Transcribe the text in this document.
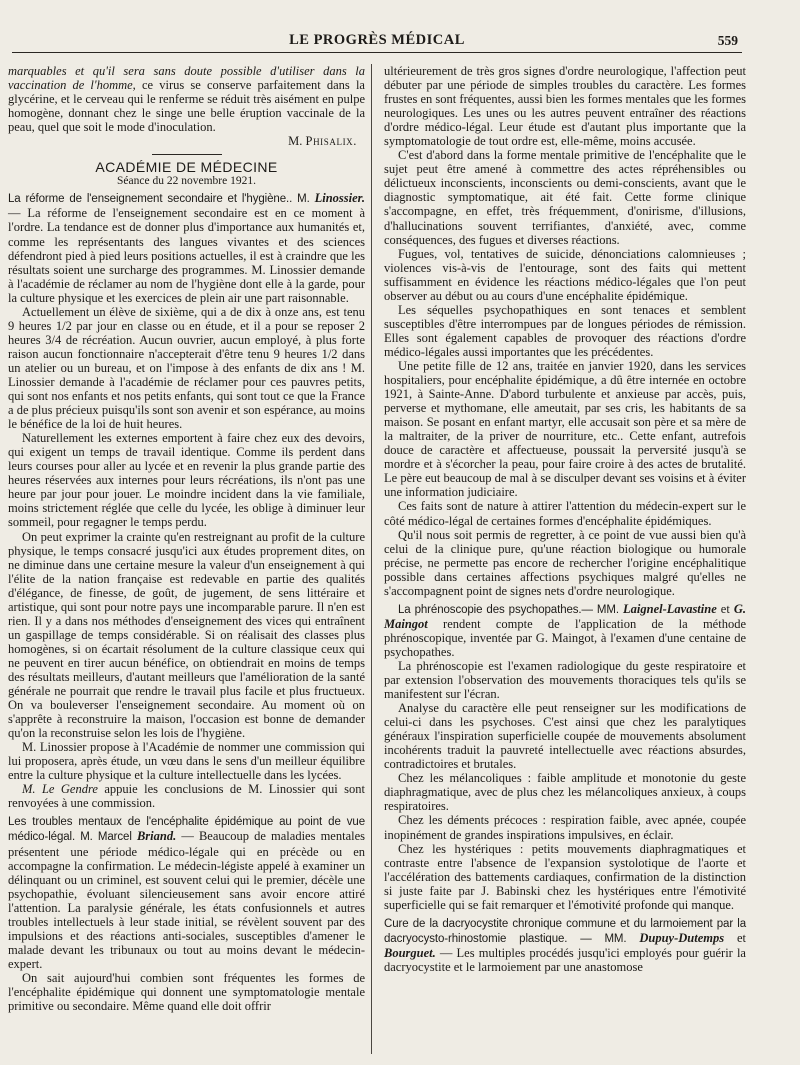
LE PROGRÈS MÉDICAL	559

marquables et qu'il sera sans doute possible d'utiliser dans la vaccination de l'homme, ce virus se conserve parfaitement dans la glycérine, et le cerveau qui le renferme se réduit très aisément en pulpe homogène, donnant chez le singe une belle éruption vaccinale de la peau, quel que soit le mode d'inoculation.

M. Phisalix.

ACADÉMIE DE MÉDECINE
Séance du 22 novembre 1921.

La réforme de l'enseignement secondaire et l'hygiène.. M. Linossier. — La réforme de l'enseignement secondaire est en ce moment à l'ordre. La tendance est de donner plus d'importance aux humanités et, comme les représentants des langues vivantes et des sciences défendront pied à pied leurs positions actuelles, il est à craindre que les résultats soient une surcharge des programmes. M. Linossier demande à l'académie de réclamer au nom de l'hygiène dont elle à la garde, pour la culture physique et les exercices de plein air une part raisonnable.

Actuellement un élève de sixième, qui a de dix à onze ans, est tenu 9 heures 1/2 par jour en classe ou en étude, et il a pour se reposer 2 heures 3/4 de récréation. Aucun ouvrier, aucun employé, à plus forte raison aucun fonctionnaire n'accepterait d'être tenu 9 heures 1/2 dans un atelier ou un bureau, et on l'impose à des enfants de dix ans ! M. Linossier demande à l'académie de réclamer pour ces pauvres petits, qui sont nos enfants et nos petits enfants, qui sont tout ce que la France a de plus précieux puisqu'ils sont son avenir et son espérance, au moins le bénéfice de la loi de huit heures.

Naturellement les externes emportent à faire chez eux des devoirs, qui exigent un temps de travail identique. Comme ils perdent dans leurs courses pour aller au lycée et en revenir la plus grande partie des heures réservées aux internes pour leurs récréations, ils n'ont pas une heure par jour pour jouer. Le moindre incident dans la vie familiale, moins strictement réglée que celle du lycée, les oblige à diminuer leur sommeil, pour regagner le temps perdu.

On peut exprimer la crainte qu'en restreignant au profit de la culture physique, le temps consacré jusqu'ici aux études proprement dites, on ne diminue dans une certaine mesure la valeur d'un enseignement à qui l'élite de la nation française est redevable en partie des qualités d'élégance, de finesse, de goût, de jugement, de sens littéraire et artistique, qui sont pour notre pays une incomparable parure. Il n'en est rien. Il y a dans nos méthodes d'enseignement des vices qui entraînent un gaspillage de temps considérable. Si on réalisait des classes plus homogènes, si on écartait résolument de la culture classique ceux qui ne peuvent en tirer aucun bénéfice, on obtiendrait en moins de temps des résultats meilleurs, d'autant meilleurs que l'amélioration de la santé générale ne pourrait que rendre le travail plus facile et plus fructueux. On va bouleverser l'enseignement secondaire. Au moment où on s'apprête à reconstruire la maison, l'occasion est bonne de demander qu'on la reconstruise selon les lois de l'hygiène.

M. Linossier propose à l'Académie de nommer une commission qui lui proposera, après étude, un vœu dans le sens d'un meilleur équilibre entre la culture physique et la culture intellectuelle dans les lycées.

M. Le Gendre appuie les conclusions de M. Linossier qui sont renvoyées à une commission.

Les troubles mentaux de l'encéphalite épidémique au point de vue médico-légal. M. Marcel Briand. — Beaucoup de maladies mentales présentent une période médico-légale qui en précède ou en accompagne la confirmation. Le médecin-légiste appelé à examiner un délinquant ou un criminel, est souvent celui qui le premier, décèle une psychopathie, évoluant silencieusement sans avoir encore attiré l'attention. La paralysie générale, les états confusionnels et autres troubles intellectuels à leur stade initial, se révèlent souvent par des impulsions et des réactions anti-sociales, susceptibles d'amener le malade devant les tribunaux ou tout au moins devant le médecin-expert.

On sait aujourd'hui combien sont fréquentes les formes de l'encéphalite épidémique qui donnent une symptomatologie mentale primitive ou secondaire. Même quand elle doit offrir

ultérieurement de très gros signes d'ordre neurologique, l'affection peut débuter par une période de simples troubles du caractère. Les formes frustes en sont fréquentes, aussi bien les formes mentales que les formes neurologiques. Les unes ou les autres peuvent entraîner des réactions d'ordre médico-légal. Leur étude est d'autant plus importante que la symptomatologie de tout ordre est, elle-même, moins accusée.

C'est d'abord dans la forme mentale primitive de l'encéphalite que le sujet peut être amené à commettre des actes répréhensibles ou délictueux inconscients, inconscients ou demi-conscients, avant que le diagnostic symptomatique, ait été fait. Cette forme clinique s'accompagne, en effet, très fréquemment, d'onirisme, d'illusions, d'hallucinations souvent terrifiantes, d'anxiété, avec, comme conséquences, des fugues et diverses réactions.

Fugues, vol, tentatives de suicide, dénonciations calomnieuses ; violences vis-à-vis de l'entourage, sont des faits qui mettent suffisamment en évidence les réactions médico-légales que l'on peut observer au début ou au cours d'une encéphalite épidémique.

Les séquelles psychopathiques en sont tenaces et semblent susceptibles d'être interrompues par de longues périodes de rémission. Elles sont également capables de provoquer des réactions d'ordre médico-légales aussi importantes que les précédentes.

Une petite fille de 12 ans, traitée en janvier 1920, dans les services hospitaliers, pour encéphalite épidémique, a dû être internée en octobre 1921, à Sainte-Anne. D'abord turbulente et anxieuse par accès, puis, perverse et mythomane, elle ameutait, par ses cris, les habitants de sa maison. Se posant en enfant martyr, elle accusait son père et sa mère de la maltraiter, de la priver de nourriture, etc.. Cette enfant, autrefois douce de caractère et affectueuse, poussait la perversité jusqu'à se mordre et à s'écorcher la peau, pour faire croire à des actes de brutalité. Le père eut beaucoup de mal à se disculper devant ses voisins et à éviter une information judiciaire.

Ces faits sont de nature à attirer l'attention du médecin-expert sur le côté médico-légal de certaines formes d'encéphalite épidémiques.

Qu'il nous soit permis de regretter, à ce point de vue aussi bien qu'à celui de la clinique pure, qu'une réaction biologique ou humorale précise, ne permette pas encore de rechercher l'origine encéphalitique possible dans certaines affections psychiques malgré qu'elles ne s'accompagnent point de signes nets d'ordre neurologique.

La phrénoscopie des psychopathes.— MM. Laignel-Lavastine et G. Maingot rendent compte de l'application de la méthode phrénoscopique, inventée par G. Maingot, à l'examen d'une centaine de psychopathes.

La phrénoscopie est l'examen radiologique du geste respiratoire et par extension l'observation des mouvements thoraciques tels qu'ils se manifestent sur l'écran.

Analyse du caractère elle peut renseigner sur les modifications de celui-ci dans les psychoses. C'est ainsi que chez les paralytiques généraux l'inspiration superficielle coupée de mouvements absolument incohérents traduit la pauvreté intellectuelle avec réactions absurdes, contradictoires et brutales.

Chez les mélancoliques : faible amplitude et monotonie du geste diaphragmatique, avec de plus chez les mélancoliques anxieux, à coups respiratoires.

Chez les déments précoces : respiration faible, avec apnée, coupée inopinément de grandes inspirations impulsives, en éclair.

Chez les hystériques : petits mouvements diaphragmatiques et contraste entre l'absence de l'expansion systolotique de l'aorte et l'accélération des battements cardiaques, confirmation de la distinction si juste faite par J. Babinski chez les hystériques entre l'émotivité superficielle qui se fait remarquer et l'émotivité profonde qui manque.

Cure de la dacryocystite chronique commune et du larmoiement par la dacryocysto-rhinostomie plastique. — MM. Dupuy-Dutemps et Bourguet. — Les multiples procédés jusqu'ici employés pour guérir la dacryocystite et le larmoiement par une anastomose
